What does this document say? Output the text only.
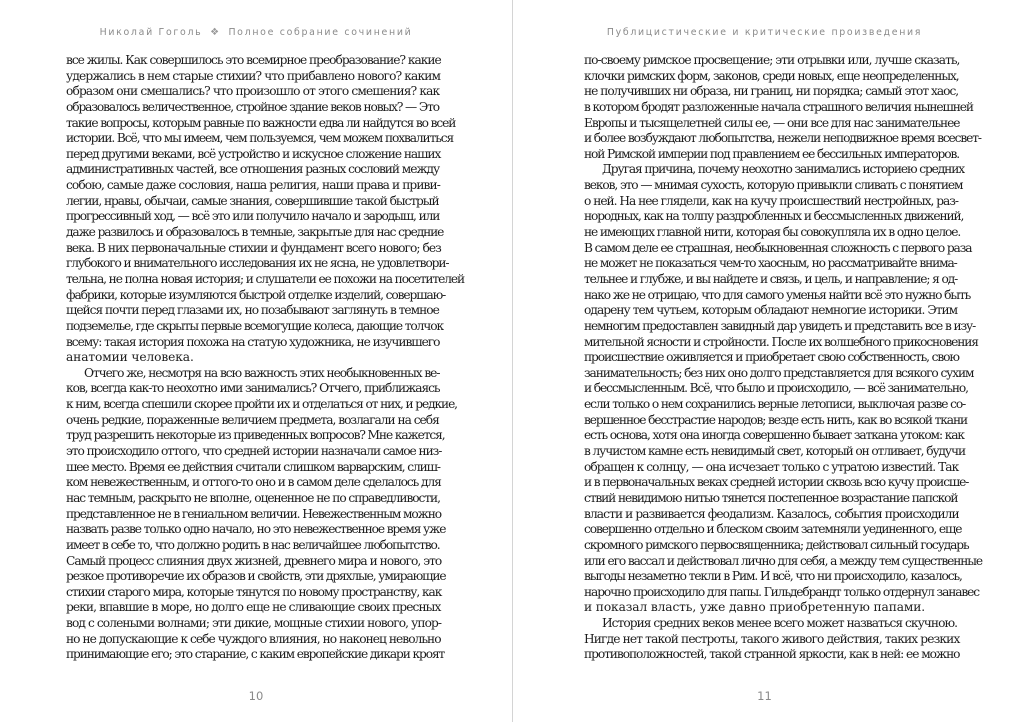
Николай Гоголь ❖ Полное собрание сочинений
все жилы. Как совершилось это всемирное преобразование? какие
удержались в нем старые стихии? что прибавлено нового? каким
образом они смешались? что произошло от этого смешения? как
образовалось величественное, стройное здание веков новых? — Это
такие вопросы, которым равные по важности едва ли найдутся во всей
истории. Всё, что мы имеем, чем пользуемся, чем можем похвалиться
перед другими веками, всё устройство и искусное сложение наших
административных частей, все отношения разных сословий между
собою, самые даже сословия, наша религия, наши права и приви-
легии, нравы, обычаи, самые знания, совершившие такой быстрый
прогрессивный ход, — всё это или получило начало и зародыш, или
даже развилось и образовалось в темные, закрытые для нас средние
века. В них первоначальные стихии и фундамент всего нового; без
глубокого и внимательного исследования их не ясна, не удовлетвори-
тельна, не полна новая история; и слушатели ее похожи на посетителей
фабрики, которые изумляются быстрой отделке изделий, совершаю-
щейся почти перед глазами их, но позабывают заглянуть в темное
подземелье, где скрыты первые всемогущие колеса, дающие толчок
всему: такая история похожа на статую художника, не изучившего
анатомии человека.
Отчего же, несмотря на всю важность этих необыкновенных ве-
ков, всегда как-то неохотно ими занимались? Отчего, приближаясь
к ним, всегда спешили скорее пройти их и отделаться от них, и редкие,
очень редкие, пораженные величием предмета, возлагали на себя
труд разрешить некоторые из приведенных вопросов? Мне кажется,
это происходило оттого, что средней истории назначали самое низ-
шее место. Время ее действия считали слишком варварским, слиш-
ком невежественным, и оттого-то оно и в самом деле сделалось для
нас темным, раскрыто не вполне, оцененное не по справедливости,
представленное не в гениальном величии. Невежественным можно
назвать разве только одно начало, но это невежественное время уже
имеет в себе то, что должно родить в нас величайшее любопытство.
Самый процесс слияния двух жизней, древнего мира и нового, это
резкое противоречие их образов и свойств, эти дряхлые, умирающие
стихии старого мира, которые тянутся по новому пространству, как
реки, впавшие в море, но долго еще не сливающие своих пресных
вод с солеными волнами; эти дикие, мощные стихии нового, упор-
но не допускающие к себе чуждого влияния, но наконец невольно
принимающие его; это старание, с каким европейские дикари кроят
10
Публицистические и критические произведения
по-своему римское просвещение; эти отрывки или, лучше сказать,
клочки римских форм, законов, среди новых, еще неопределенных,
не получивших ни образа, ни границ, ни порядка; самый этот хаос,
в котором бродят разложенные начала страшного величия нынешней
Европы и тысящелетней силы ее, — они все для нас занимательнее
и более возбуждают любопытства, нежели неподвижное время всесвет-
ной Римской империи под правлением ее бессильных императоров.
Другая причина, почему неохотно занимались историею средних
веков, это — мнимая сухость, которую привыкли сливать с понятием
о ней. На нее глядели, как на кучу происшествий нестройных, раз-
нородных, как на толпу раздробленных и бессмысленных движений,
не имеющих главной нити, которая бы совокупляла их в одно целое.
В самом деле ее страшная, необыкновенная сложность с первого раза
не может не показаться чем-то хаосным, но рассматривайте внима-
тельнее и глубже, и вы найдете и связь, и цель, и направление; я од-
нако же не отрицаю, что для самого уменья найти всё это нужно быть
одарену тем чутьем, которым обладают немногие историки. Этим
немногим предоставлен завидный дар увидеть и представить все в изу-
мительной ясности и стройности. После их волшебного прикосновения
происшествие оживляется и приобретает свою собственность, свою
занимательность; без них оно долго представляется для всякого сухим
и бессмысленным. Всё, что было и происходило, — всё занимательно,
если только о нем сохранились верные летописи, выключая разве со-
вершенное бесстрастие народов; везде есть нить, как во всякой ткани
есть основа, хотя она иногда совершенно бывает заткана утоком: как
в лучистом камне есть невидимый свет, который он отливает, будучи
обращен к солнцу, — она исчезает только с утратою известий. Так
и в первоначальных веках средней истории сквозь всю кучу происше-
ствий невидимою нитью тянется постепенное возрастание папской
власти и развивается феодализм. Казалось, события происходили
совершенно отдельно и блеском своим затемняли уединенного, еще
скромного римского первосвященника; действовал сильный государь
или его вассал и действовал лично для себя, а между тем существенные
выгоды незаметно текли в Рим. И всё, что ни происходило, казалось,
нарочно происходило для папы. Гильдебрандт только отдернул занавес
и показал власть, уже давно приобретенную папами.
История средних веков менее всего может назваться скучною.
Нигде нет такой пестроты, такого живого действия, таких резких
противоположностей, такой странной яркости, как в ней: ее можно
11
